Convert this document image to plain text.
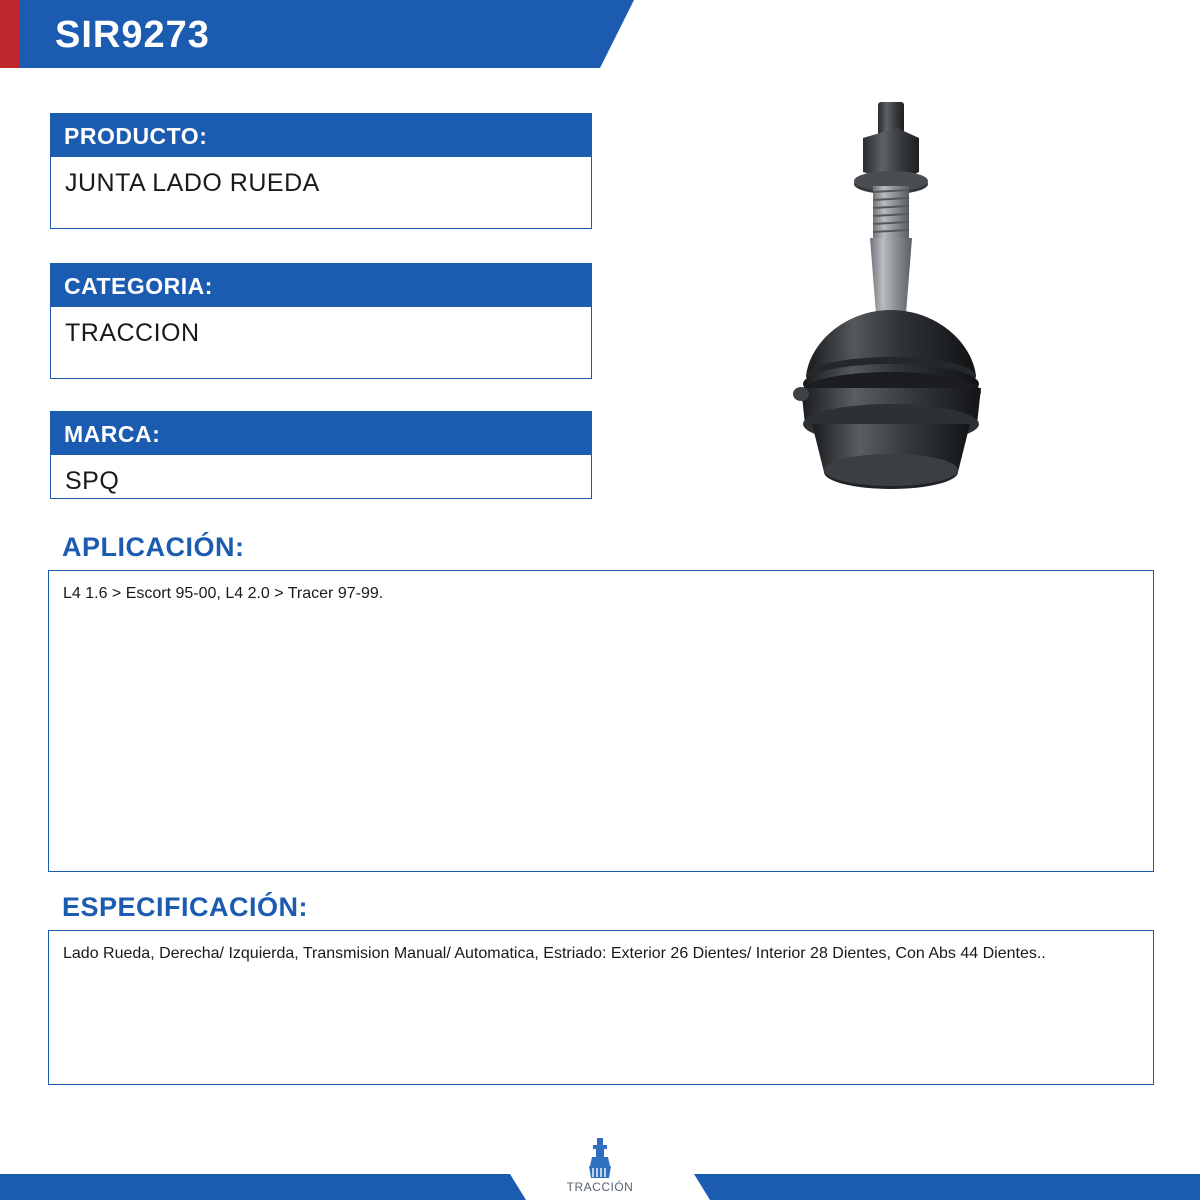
SIR9273
PRODUCTO:
JUNTA LADO RUEDA
CATEGORIA:
TRACCION
MARCA:
SPQ
APLICACIÓN:
L4 1.6 > Escort 95-00, L4 2.0 > Tracer 97-99.
ESPECIFICACIÓN:
Lado Rueda, Derecha/ Izquierda, Transmision Manual/ Automatica, Estriado: Exterior 26 Dientes/ Interior 28 Dientes, Con Abs 44 Dientes..
$^{TRACCIÓN}$
